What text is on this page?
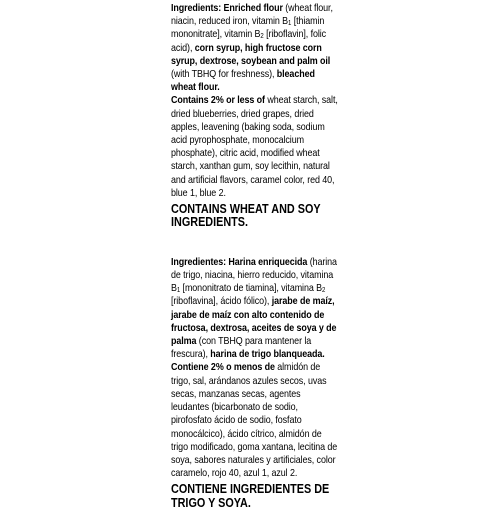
Ingredients: Enriched flour (wheat flour, niacin, reduced iron, vitamin $B_1$ [thiamin mononitrate], vitamin $B_2$ [riboflavin], folic acid), corn syrup, high fructose corn syrup, dextrose, soybean and palm oil (with TBHQ for freshness), bleached wheat flour.

Contains 2% or less of wheat starch, salt, dried blueberries, dried grapes, dried apples, leavening (baking soda, sodium acid pyrophosphate, monocalcium phosphate), citric acid, modified wheat starch, xanthan gum, soy lecithin, natural and artificial flavors, caramel color, red 40, blue 1, blue 2.

CONTAINS WHEAT AND SOY INGREDIENTS.

Ingredientes: Harina enriquecida (harina de trigo, niacina, hierro reducido, vitamina $B_1$ [mononitrato de tiamina], vitamina $B_2$ [riboflavina], ácido fólico), jarabe de maíz, jarabe de maíz con alto contenido de fructosa, dextrosa, aceites de soya y de palma (con TBHQ para mantener la frescura), harina de trigo blanqueada.

Contiene 2% o menos de almidón de trigo, sal, arándanos azules secos, uvas secas, manzanas secas, agentes leudantes (bicarbonato de sodio, pirofosfato ácido de sodio, fosfato monocálcico), ácido cítrico, almidón de trigo modificado, goma xantana, lecitina de soya, sabores naturales y artificiales, color caramelo, rojo 40, azul 1, azul 2.

CONTIENE INGREDIENTES DE TRIGO Y SOYA.
